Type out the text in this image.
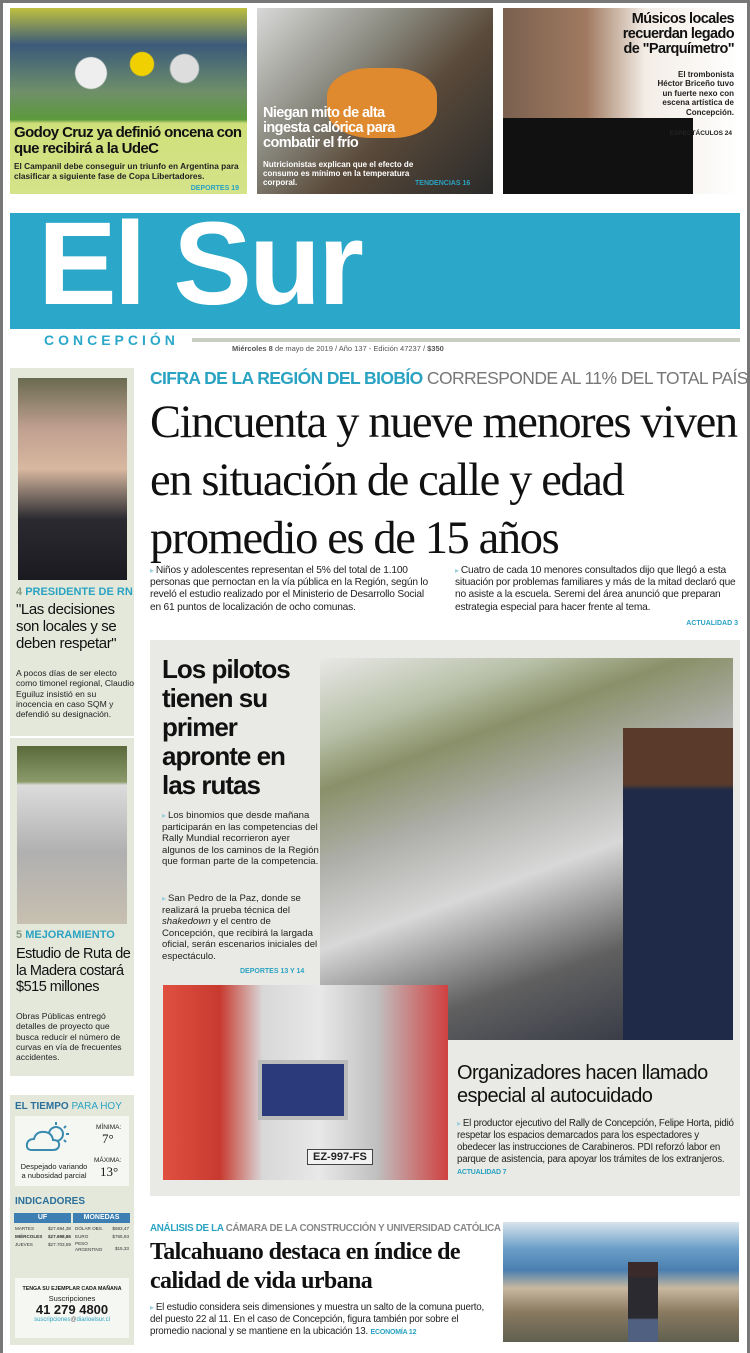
Godoy Cruz ya definió oncena con que recibirá a la UdeC
El Campanil debe conseguir un triunfo en Argentina para clasificar a siguiente fase de Copa Libertadores.
DEPORTES 19
Niegan mito de alta ingesta calórica para combatir el frío
Nutricionistas explican que el efecto de consumo es mínimo en la temperatura corporal.	TENDENCIAS 16
Músicos locales recuerdan legado de "Parquímetro"
El trombonista Héctor Briceño tuvo un fuerte nexo con escena artística de Concepción.
ESPECTÁCULOS 24
El Sur
CONCEPCIÓN
Miércoles 8 de mayo de 2019 / Año 137 - Edición 47237 / $350
4 PRESIDENTE DE RN
"Las decisiones son locales y se deben respetar"
A pocos días de ser electo como timonel regional, Claudio Eguiluz insistió en su inocencia en caso SQM y defendió su designación.
5 MEJORAMIENTO
Estudio de Ruta de la Madera costará $515 millones
Obras Públicas entregó detalles de proyecto que busca reducir el número de curvas en vía de frecuentes accidentes.
EL TIEMPO PARA HOY
Despejado variando a nubosidad parcial
MÍNIMA:
7°
MÁXIMA:
13°
INDICADORES
UF	MONEDAS
MARTES	$27.694,38
MIÉRCOLES $27.698,86
JUEVES	$27.703,59
DÓLAR OBS. $683,47
EURO	$765,93
PESO ARGENTINO	$15,33
TENGA SU EJEMPLAR CADA MAÑANA
Suscripciones
41 279 4800
suscripciones@diarioelsur.cl
CIFRA DE LA REGIÓN DEL BIOBÍO CORRESPONDE AL 11% DEL TOTAL PAÍS
Cincuenta y nueve menores viven en situación de calle y edad promedio es de 15 años
▸ Niños y adolescentes representan el 5% del total de 1.100 personas que pernoctan en la vía pública en la Región, según lo reveló el estudio realizado por el Ministerio de Desarrollo Social en 61 puntos de localización de ocho comunas.
▸ Cuatro de cada 10 menores consultados dijo que llegó a esta situación por problemas familiares y más de la mitad declaró que no asiste a la escuela. Seremi del área anunció que preparan estrategia especial para hacer frente al tema.
ACTUALIDAD 3
Los pilotos tienen su primer apronte en las rutas
▸ Los binomios que desde mañana participarán en las competencias del Rally Mundial recorrieron ayer algunos de los caminos de la Región que forman parte de la competencia.
▸ San Pedro de la Paz, donde se realizará la prueba técnica del shakedown y el centro de Concepción, que recibirá la largada oficial, serán escenarios iniciales del espectáculo.
DEPORTES 13 Y 14
EZ-997-FS
Organizadores hacen llamado especial al autocuidado
▸ El productor ejecutivo del Rally de Concepción, Felipe Horta, pidió respetar los espacios demarcados para los espectadores y obedecer las instrucciones de Carabineros. PDI reforzó labor en parque de asistencia, para apoyar los trámites de los extranjeros. ACTUALIDAD 7
ANÁLISIS DE LA CÁMARA DE LA CONSTRUCCIÓN Y UNIVERSIDAD CATÓLICA
Talcahuano destaca en índice de calidad de vida urbana
▸ El estudio considera seis dimensiones y muestra un salto de la comuna puerto, del puesto 22 al 11. En el caso de Concepción, figura también por sobre el promedio nacional y se mantiene en la ubicación 13. ECONOMÍA 12
